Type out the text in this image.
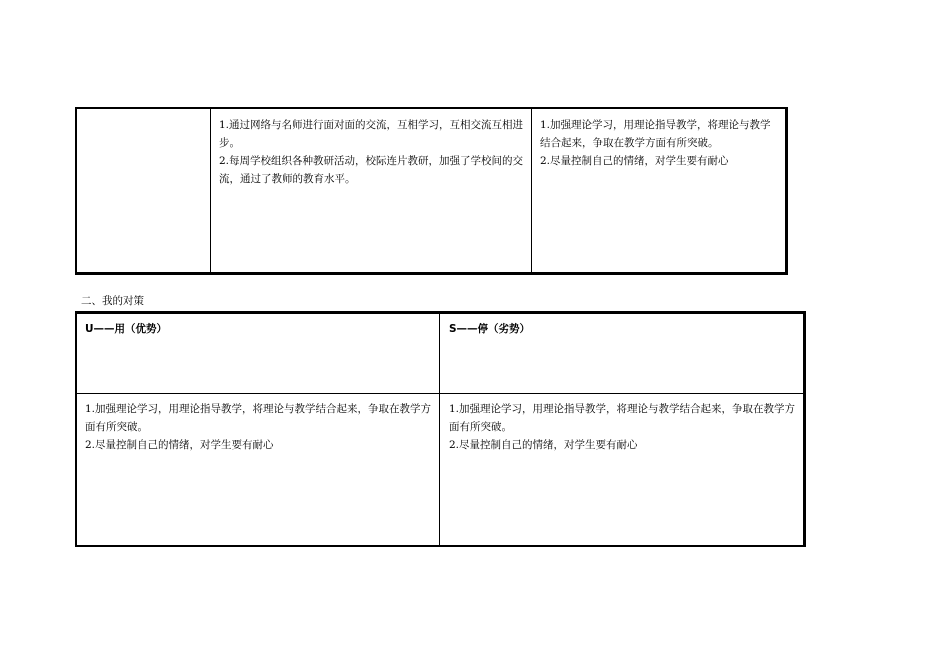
1.通过网络与名师进行面对面的交流，互相学习，互相交流互相进步。
2.每周学校组织各种教研活动，校际连片教研，加强了学校间的交流，通过了教师的教育水平。
1.加强理论学习，用理论指导教学，将理论与教学结合起来，争取在教学方面有所突破。
2.尽量控制自己的情绪，对学生要有耐心
二、我的对策
U——用（优势）	S——停（劣势）
1.加强理论学习，用理论指导教学，将理论与教学结合起来，争取在教学方面有所突破。
2.尽量控制自己的情绪，对学生要有耐心
1.加强理论学习，用理论指导教学，将理论与教学结合起来，争取在教学方面有所突破。
2.尽量控制自己的情绪，对学生要有耐心
